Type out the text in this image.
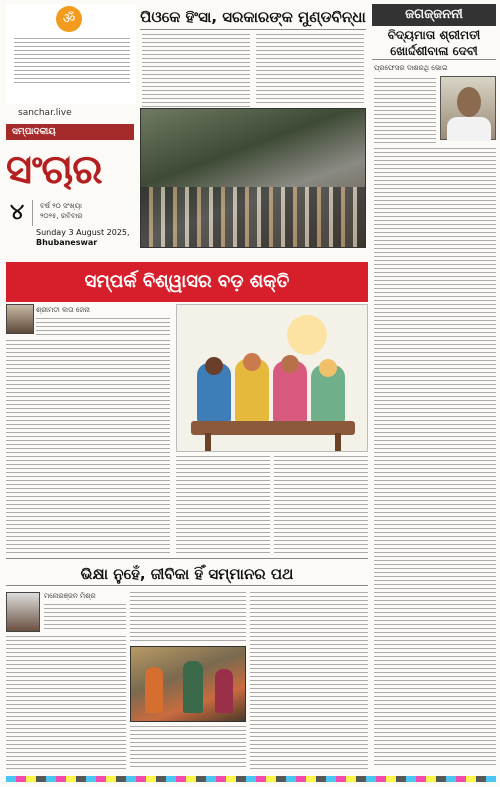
ॐ
sanchar.live
ସମ୍ପାଦକୀୟ
ସଂଚାର
୪ ବର୍ଷ ୨୦ ସଂଖ୍ୟା
୨୦୨୫, ରବିବାର
Sunday 3 August 2025,
Bhubaneswar
ପିଓକେ ହିଂସା, ସରକାରଙ୍କ ମୁଣ୍ଡବିନ୍ଧା	ଜଗଜ୍ଜନନୀ
ବିଦ୍ୟମାତା ଶ୍ରୀମତୀ ଖୋର୍ଦ୍ଦଶୀବାଳା ଦେବୀ
ପ୍ରଫେସର ଦାଶରଥି ଭୋଇ
ସମ୍ପର୍କ ବିଶ୍ୱାସର ବଡ଼ ଶକ୍ତି
ଶ୍ରୀମତୀ ଲତା ଜେନା
ଭିକ୍ଷା ନୁହେଁ, ଜୀବିକା ହିଁ ସମ୍ମାନର ପଥ
ମନୋରଞ୍ଜନ ମିଶ୍ର
